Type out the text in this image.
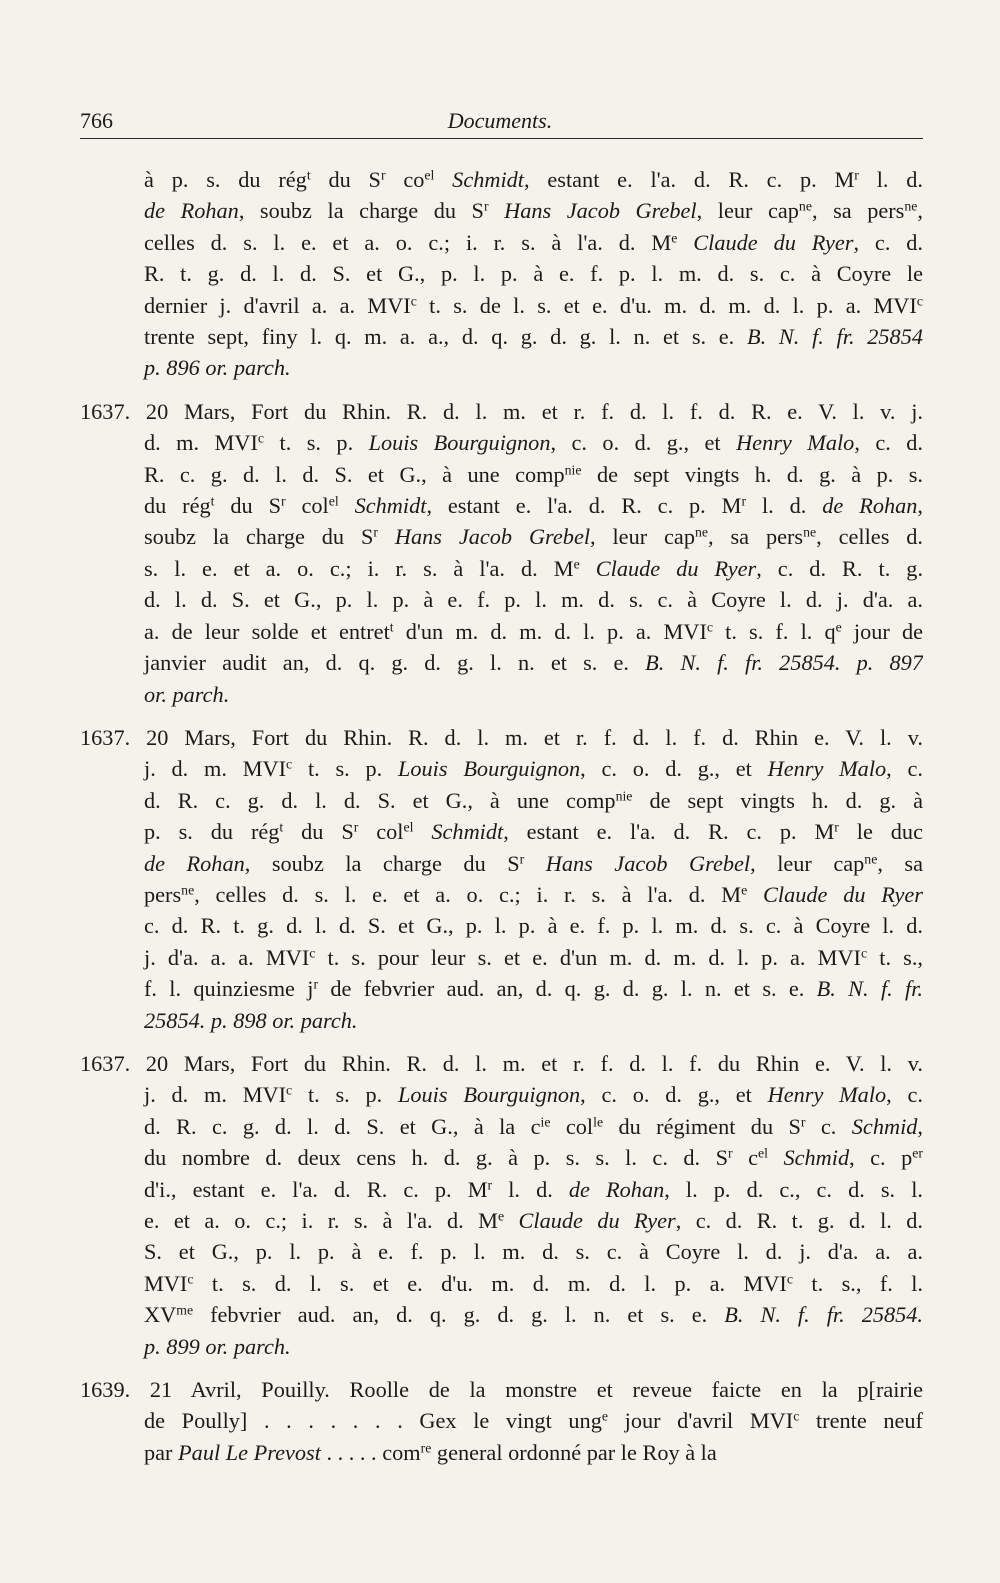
766	Documents.
à p. s. du rég$^t$ du $S^r$ $co^{el}$ Schmidt, estant e. l'a. d. R. c. p. $M^r$ l. d.
de Rohan, soubz la charge du $S^r$ Hans Jacob Grebel, leur cap$^{ne}$, sa pers$^{ne}$,
celles d. s. l. e. et a. o. c.; i. r. s. à l'a. d. Me Claude du Ryer, c. d.
R. t. g. d. l. d. S. et G., p. l. p. à e. f. p. l. m. d. s. c. à Coyre le
dernier j. d'avril a. a. MVI$^c$ t. s. de l. s. et e. d'u. m. d. m. d. l. p. a. MVI$^c$
trente sept, finy l. q. m. a. a., d. q. g. d. g. l. n. et s. e. B. N. f. fr. 25854
p. 896 or. parch.
1637. 20 Mars, Fort du Rhin. R. d. l. m. et r. f. d. l. f. d. R. e. V. l. v. j.
d. m. MVI$^c$ t. s. p. Louis Bourguignon, c. o. d. g., et Henry Malo, c. d.
R. c. g. d. l. d. S. et G., à une comp$^{nie}$ de sept vingts h. d. g. à p. s.
du rég$^t$ du $S^r$ col$^{el}$ Schmidt, estant e. l'a. d. R. c. p. $M^r$ l. d. de Rohan,
soubz la charge du $S^r$ Hans Jacob Grebel, leur cap$^{ne}$, sa pers$^{ne}$, celles d.
s. l. e. et a. o. c.; i. r. s. à l'a. d. Me Claude du Ryer, c. d. R. t. g.
d. l. d. S. et G., p. l. p. à e. f. p. l. m. d. s. c. à Coyre l. d. j. d'a. a.
a. de leur solde et entret$^t$ d'un m. d. m. d. l. p. a. MVI$^c$ t. s. f. l. $q^e$ jour de
janvier audit an, d. q. g. d. g. l. n. et s. e. B. N. f. fr. 25854. p. 897
or. parch.
1637. 20 Mars, Fort du Rhin. R. d. l. m. et r. f. d. l. f. d. Rhin e. V. l. v.
j. d. m. MVI$^c$ t. s. p. Louis Bourguignon, c. o. d. g., et Henry Malo, c.
d. R. c. g. d. l. d. S. et G., à une comp$^{nie}$ de sept vingts h. d. g. à
p. s. du rég$^t$ du $S^r$ col$^{el}$ Schmidt, estant e. l'a. d. R. c. p. $M^r$ le duc
de Rohan, soubz la charge du $S^r$ Hans Jacob Grebel, leur cap$^{ne}$, sa
pers$^{ne}$, celles d. s. l. e. et a. o. c.; i. r. s. à l'a. d. Me Claude du Ryer
c. d. R. t. g. d. l. d. S. et G., p. l. p. à e. f. p. l. m. d. s. c. à Coyre l. d.
j. d'a. a. a. MVI$^c$ t. s. pour leur s. et e. d'un m. d. m. d. l. p. a. MVI$^c$ t. s.,
f. l. quinziesme $j^r$ de febvrier aud. an, d. q. g. d. g. l. n. et s. e. B. N. f. fr.
25854. p. 898 or. parch.
1637. 20 Mars, Fort du Rhin. R. d. l. m. et r. f. d. l. f. du Rhin e. V. l. v.
j. d. m. MVI$^c$ t. s. p. Louis Bourguignon, c. o. d. g., et Henry Malo, c.
d. R. c. g. d. l. d. S. et G., à la $c^{ie}$ col$^{le}$ du régiment du $S^r$ c. Schmid,
du nombre d. deux cens h. d. g. à p. s. s. l. c. d. $S^r$ $c^{el}$ Schmid, c. $p^{er}$
d'i., estant e. l'a. d. R. c. p. $M^r$ l. d. de Rohan, l. p. d. c., c. d. s. l.
e. et a. o. c.; i. r. s. à l'a. d. Me Claude du Ryer, c. d. R. t. g. d. l. d.
S. et G., p. l. p. à e. f. p. l. m. d. s. c. à Coyre l. d. j. d'a. a. a.
MVI$^c$ t. s. d. l. s. et e. d'u. m. d. m. d. l. p. a. MVI$^c$ t. s., f. l.
$XV^{me}$ febvrier aud. an, d. q. g. d. g. l. n. et s. e. B. N. f. fr. 25854.
p. 899 or. parch.
1639. 21 Avril, Pouilly. Roolle de la monstre et reveue faicte en la p[rairie
de Poully] . . . . . . . Gex le vingt ung$^e$ jour d'avril MVI$^c$ trente neuf
par Paul Le Prevost . . . . . com$^{re}$ general ordonné par le Roy à la
